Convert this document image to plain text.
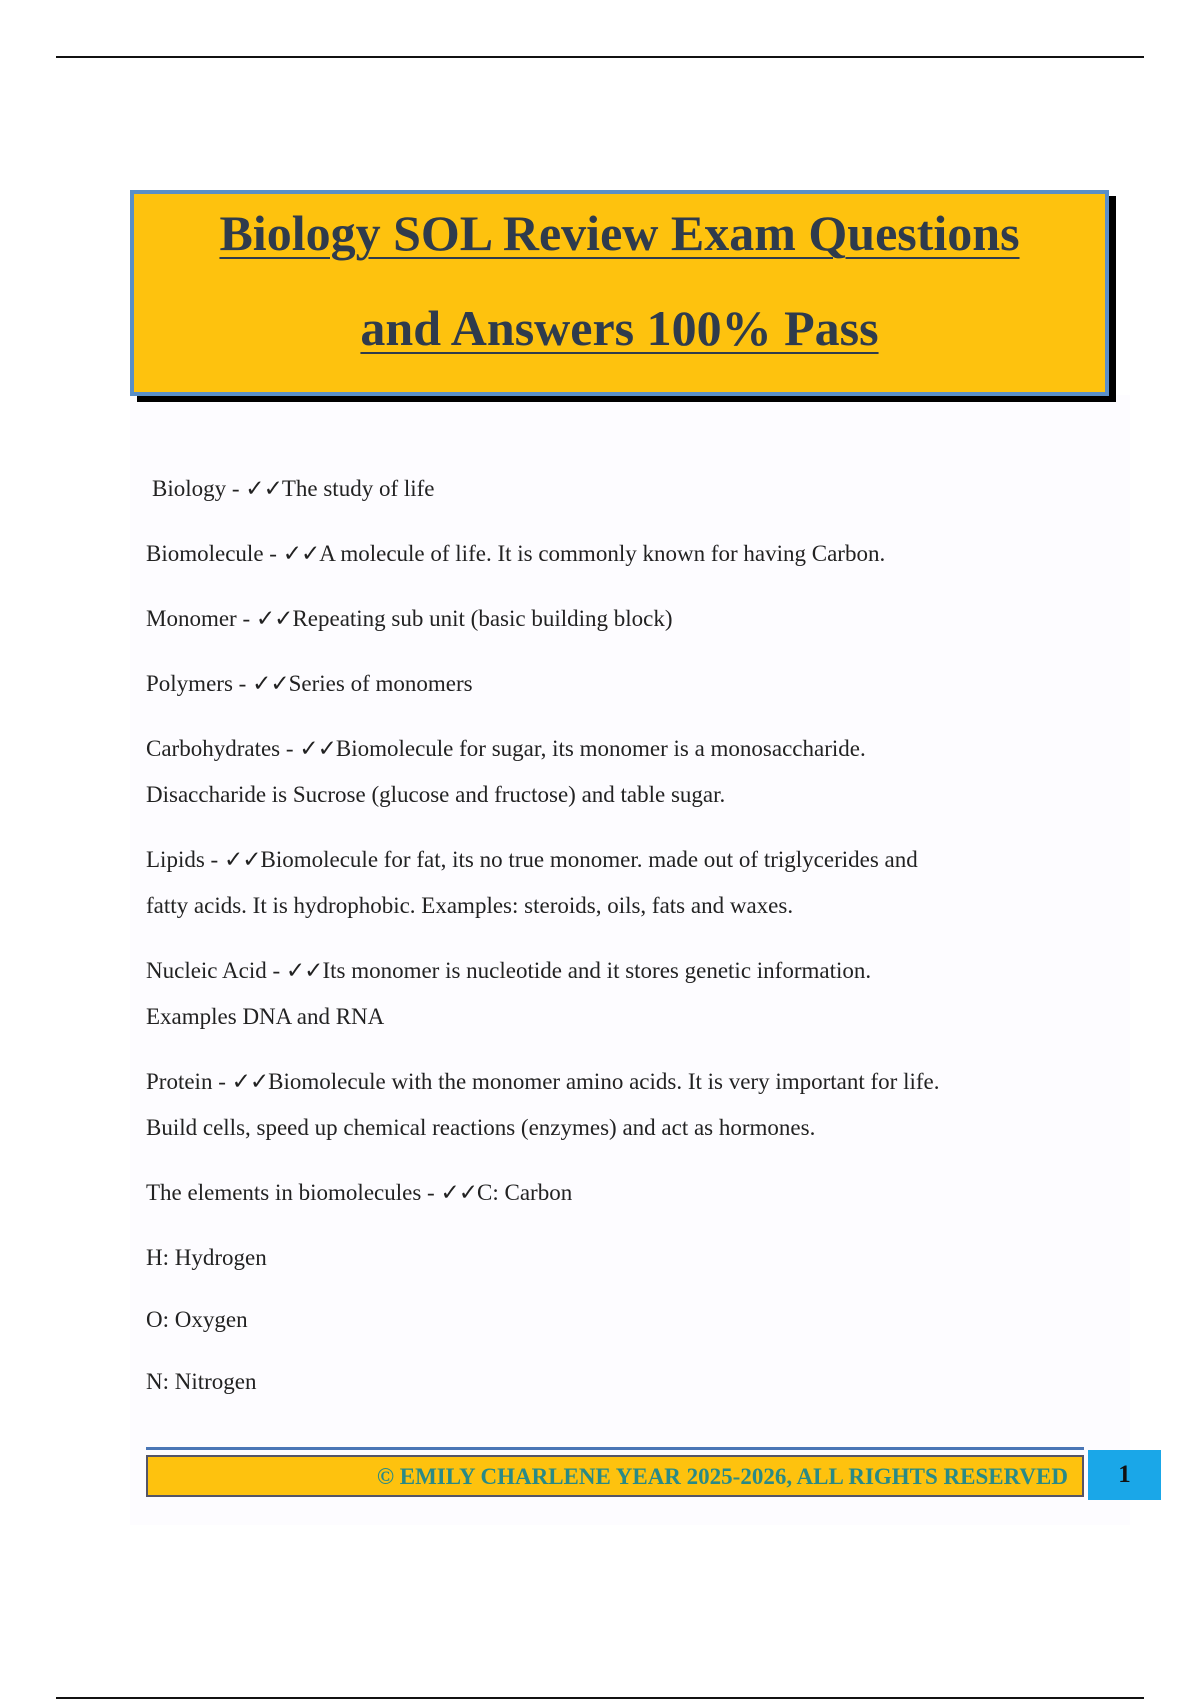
Biology SOL Review Exam Questions
and Answers 100% Pass
Biology - ✓✓The study of life
Biomolecule - ✓✓A molecule of life. It is commonly known for having Carbon.
Monomer - ✓✓Repeating sub unit (basic building block)
Polymers - ✓✓Series of monomers
Carbohydrates - ✓✓Biomolecule for sugar, its monomer is a monosaccharide.
Disaccharide is Sucrose (glucose and fructose) and table sugar.
Lipids - ✓✓Biomolecule for fat, its no true monomer. made out of triglycerides and
fatty acids. It is hydrophobic. Examples: steroids, oils, fats and waxes.
Nucleic Acid - ✓✓Its monomer is nucleotide and it stores genetic information.
Examples DNA and RNA
Protein - ✓✓Biomolecule with the monomer amino acids. It is very important for life.
Build cells, speed up chemical reactions (enzymes) and act as hormones.
The elements in biomolecules - ✓✓C: Carbon
H: Hydrogen
O: Oxygen
N: Nitrogen
© EMILY CHARLENE YEAR 2025-2026, ALL RIGHTS RESERVED	1
